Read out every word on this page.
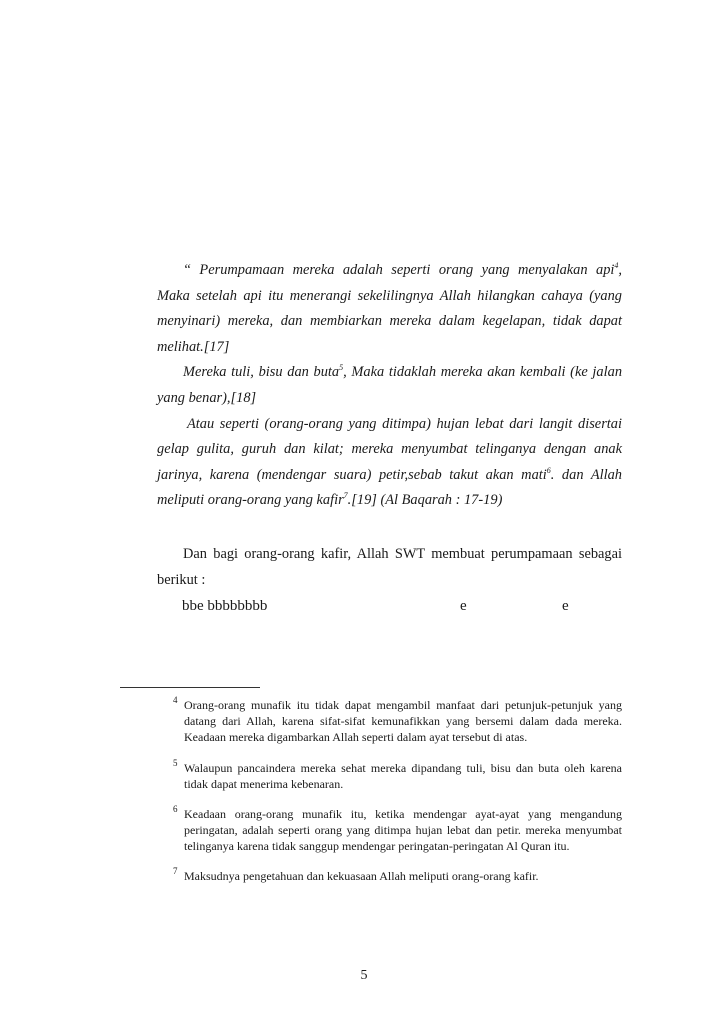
“ Perumpamaan mereka adalah seperti orang yang menyalakan api$^4$,
Maka setelah api itu menerangi sekelilingnya Allah hilangkan cahaya (yang
menyinari) mereka, dan membiarkan mereka dalam kegelapan, tidak dapat
melihat.[17]
Mereka tuli, bisu dan buta$^5$, Maka tidaklah mereka akan kembali (ke jalan
yang benar),[18]
Atau seperti (orang-orang yang ditimpa) hujan lebat dari langit disertai
gelap gulita, guruh dan kilat; mereka menyumbat telinganya dengan anak
jarinya, karena (mendengar suara) petir,sebab takut akan mati$^6$. dan Allah
meliputi orang-orang yang kafir$^7$.[19] (Al Baqarah : 17-19)
Dan bagi orang-orang kafir, Allah SWT membuat perumpamaan sebagai
berikut :
bbe bbbbbbbb	e	e
4 Orang-orang munafik itu tidak dapat mengambil manfaat dari petunjuk-petunjuk yang datang dari Allah, karena sifat-sifat kemunafikkan yang bersemi dalam dada mereka. Keadaan mereka digambarkan Allah seperti dalam ayat tersebut di atas.
5 Walaupun pancaindera mereka sehat mereka dipandang tuli, bisu dan buta oleh karena tidak dapat menerima kebenaran.
6 Keadaan orang-orang munafik itu, ketika mendengar ayat-ayat yang mengandung peringatan, adalah seperti orang yang ditimpa hujan lebat dan petir. mereka menyumbat telinganya karena tidak sanggup mendengar peringatan-peringatan Al Quran itu.
7 Maksudnya pengetahuan dan kekuasaan Allah meliputi orang-orang kafir.
5
